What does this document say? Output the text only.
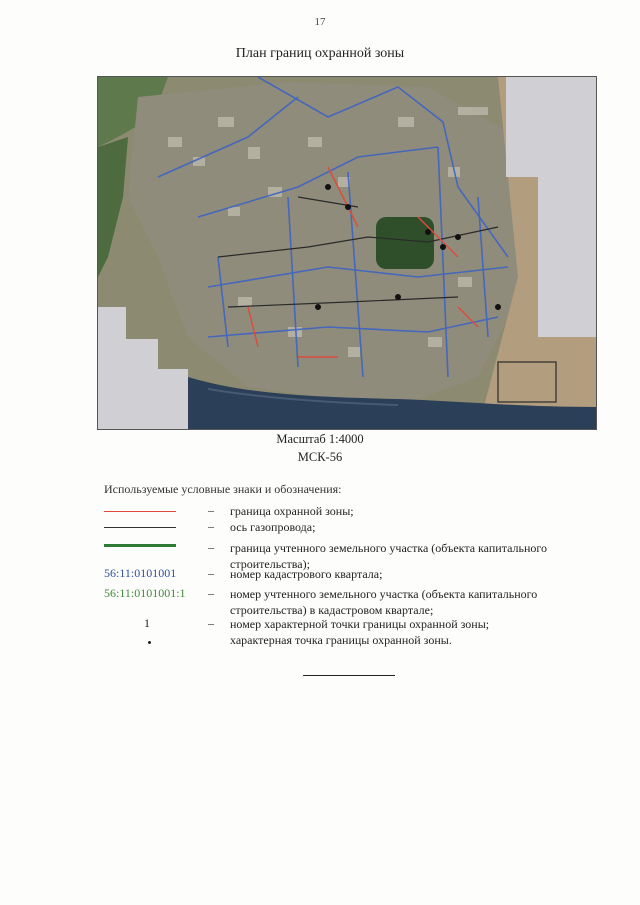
17
План границ охранной зоны
Масштаб 1:4000
МСК-56
Используемые условные знаки и обозначения:
– граница охранной зоны;
– ось газопровода;
– граница учтенного земельного участка (объекта капитального строительства);
56:11:0101001	– номер кадастрового квартала;
56:11:0101001:1	– номер учтенного земельного участка (объекта капитального строительства) в кадастровом квартале;
1	– номер характерной точки границы охранной зоны;
характерная точка границы охранной зоны.
